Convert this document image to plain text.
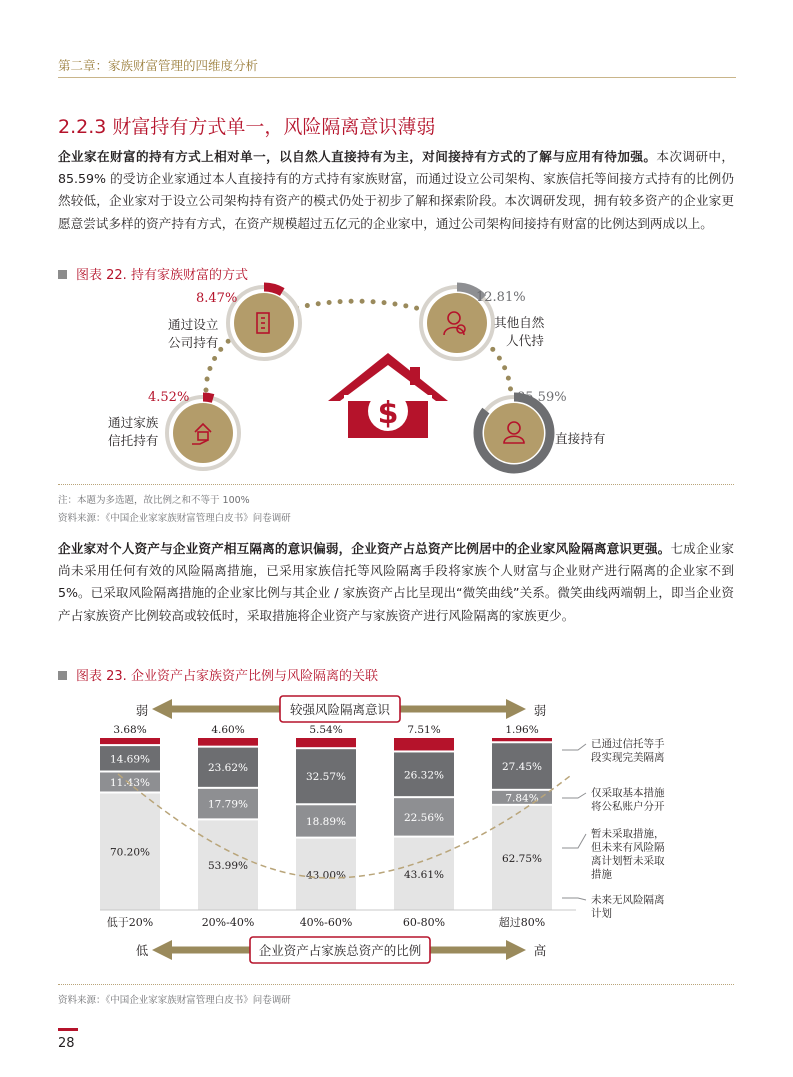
第二章：家族财富管理的四维度分析
2.2.3 财富持有方式单一，风险隔离意识薄弱
企业家在财富的持有方式上相对单一，以自然人直接持有为主，对间接持有方式的了解与应用有待加强。本次调研中，85.59% 的受访企业家通过本人直接持有的方式持有家族财富，而通过设立公司架构、家族信托等间接方式持有的比例仍然较低，企业家对于设立公司架构持有资产的模式仍处于初步了解和探索阶段。本次调研发现，拥有较多资产的企业家更愿意尝试多样的资产持有方式，在资产规模超过五亿元的企业家中，通过公司架构间接持有财富的比例达到两成以上。
图表 22. 持有家族财富的方式
$
8.47%
通过设立
公司持有
12.81%
其他自然
人代持
4.52%
通过家族
信托持有
85.59%
直接持有
注：本题为多选题，故比例之和不等于 100%
资料来源：《中国企业家家族财富管理白皮书》问卷调研
企业家对个人资产与企业资产相互隔离的意识偏弱，企业资产占总资产比例居中的企业家风险隔离意识更强。七成企业家尚未采用任何有效的风险隔离措施，已采用家族信托等风险隔离手段将家族个人财富与企业财产进行隔离的企业家不到 5%。已采取风险隔离措施的企业家比例与其企业 / 家族资产占比呈现出“微笑曲线”关系。微笑曲线两端朝上，即当企业资产占家族资产比例较高或较低时，采取措施将企业资产与家族资产进行风险隔离的家族更少。
图表 23. 企业资产占家族资产比例与风险隔离的关联
较强风险隔离意识
弱	弱
70.20%
11.43%
14.69%
3.68%
53.99%
17.79%
23.62%
4.60%
43.00%
18.89%
32.57%
5.54%
43.61%
22.56%
26.32%
7.51%
62.75%
7.84%
27.45%
1.96%
低于20%	20%-40%	40%-60%	60-80%	超过80%
已通过信托等手
段实现完美隔离
仅采取基本措施
将公私账户分开
暂未采取措施，
但未来有风险隔
离计划暂未采取
措施
未来无风险隔离
计划
企业资产占家族总资产的比例
低	高
资料来源：《中国企业家家族财富管理白皮书》问卷调研
28
